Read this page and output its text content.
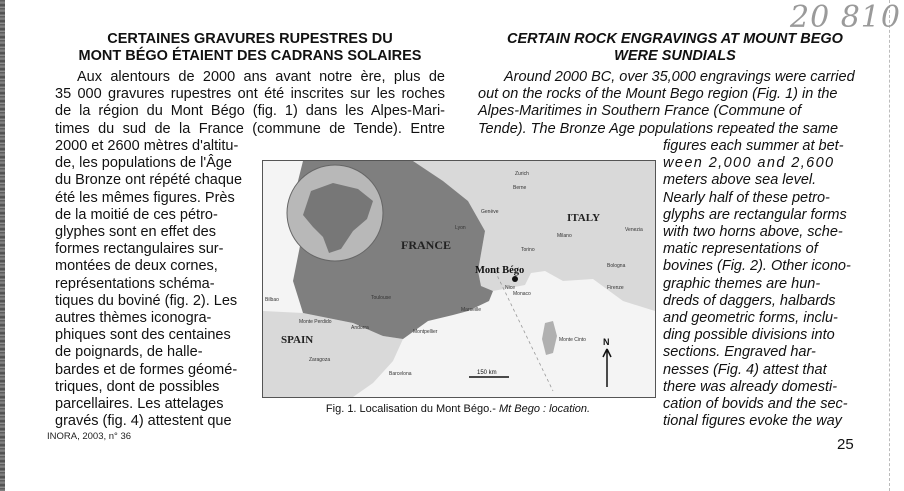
20 810
CERTAINES GRAVURES RUPESTRES DU
MONT BÉGO ÉTAIENT DES CADRANS SOLAIRES
CERTAIN ROCK ENGRAVINGS AT MOUNT BEGO
WERE SUNDIALS
Aux alentours de 2000 ans avant notre ère, plus de
35 000 gravures rupestres ont été inscrites sur les roches
de la région du Mont Bégo (fig. 1) dans les Alpes-Mari-
times du sud de la France (commune de Tende). Entre
2000 et 2600 mètres d'altitu-
de, les populations de l'Âge
du Bronze ont répété chaque
été les mêmes figures. Près
de la moitié de ces pétro-
glyphes sont en effet des
formes rectangulaires sur-
montées de deux cornes,
représentations schéma-
tiques du boviné (fig. 2). Les
autres thèmes iconogra-
phiques sont des centaines
de poignards, de halle-
bardes et de formes géomé-
triques, dont de possibles
parcellaires. Les attelages
gravés (fig. 4) attestent que
Around 2000 BC, over 35,000 engravings were carried
out on the rocks of the Mount Bego region (Fig. 1) in the
Alpes-Maritimes in Southern France (Commune of
Tende). The Bronze Age populations repeated the same
figures each summer at bet-
ween 2,000 and 2,600
meters above sea level.
Nearly half of these petro-
glyphs are rectangular forms
with two horns above, sche-
matic representations of
bovines (Fig. 2). Other icono-
graphic themes are hun-
dreds of daggers, halbards
and geometric forms, inclu-
ding possible divisions into
sections. Engraved har-
nesses (Fig. 4) attest that
there was already domesti-
cation of bovids and the sec-
tional figures evoke the way
FRANCE
ITALY
SPAIN
Mont Bégo
Zurich
Berne
Genève
Lyon
Torino
Milano
Venezia
Bologna
Firenze
Nice
Monaco
Marseille
Toulouse
Bilbao
Montpellier
Andorra
Monte Perdido
Zaragoza
Barcelona
Monte Cinto
150 km
N
Fig. 1. Localisation du Mont Bégo.- Mt Bego : location.
INORA, 2003, n° 36	25
